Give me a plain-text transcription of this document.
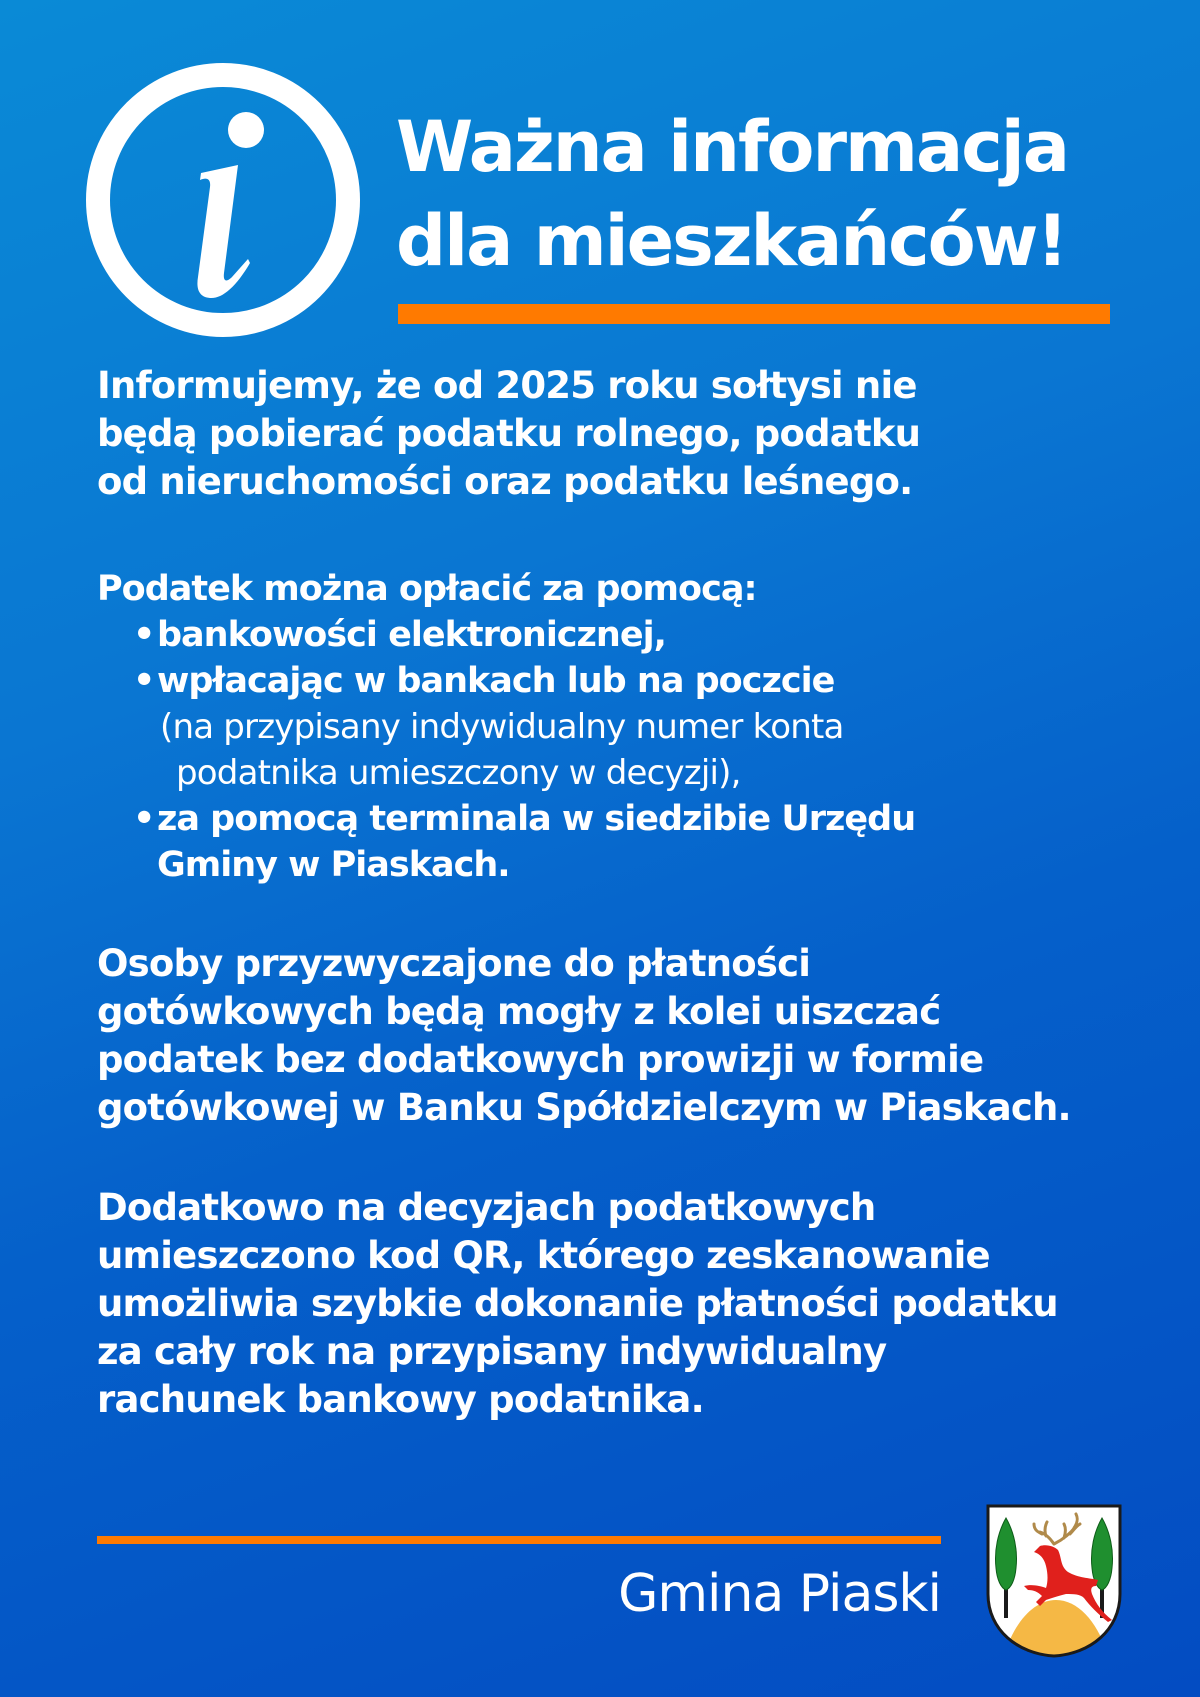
Ważna informacja
dla mieszkańców!

Informujemy, że od 2025 roku sołtysi nie
będą pobierać podatku rolnego, podatku
od nieruchomości oraz podatku leśnego.

Podatek można opłacić za pomocą:

• bankowości elektronicznej,
• wpłacając w bankach lub na poczcie
(na przypisany indywidualny numer konta
podatnika umieszczony w decyzji),
• za pomocą terminala w siedzibie Urzędu
Gminy w Piaskach.

Osoby przyzwyczajone do płatności
gotówkowych będą mogły z kolei uiszczać
podatek bez dodatkowych prowizji w formie
gotówkowej w Banku Spółdzielczym w Piaskach.

Dodatkowo na decyzjach podatkowych
umieszczono kod QR, którego zeskanowanie
umożliwia szybkie dokonanie płatności podatku
za cały rok na przypisany indywidualny
rachunek bankowy podatnika.

Gmina Piaski
